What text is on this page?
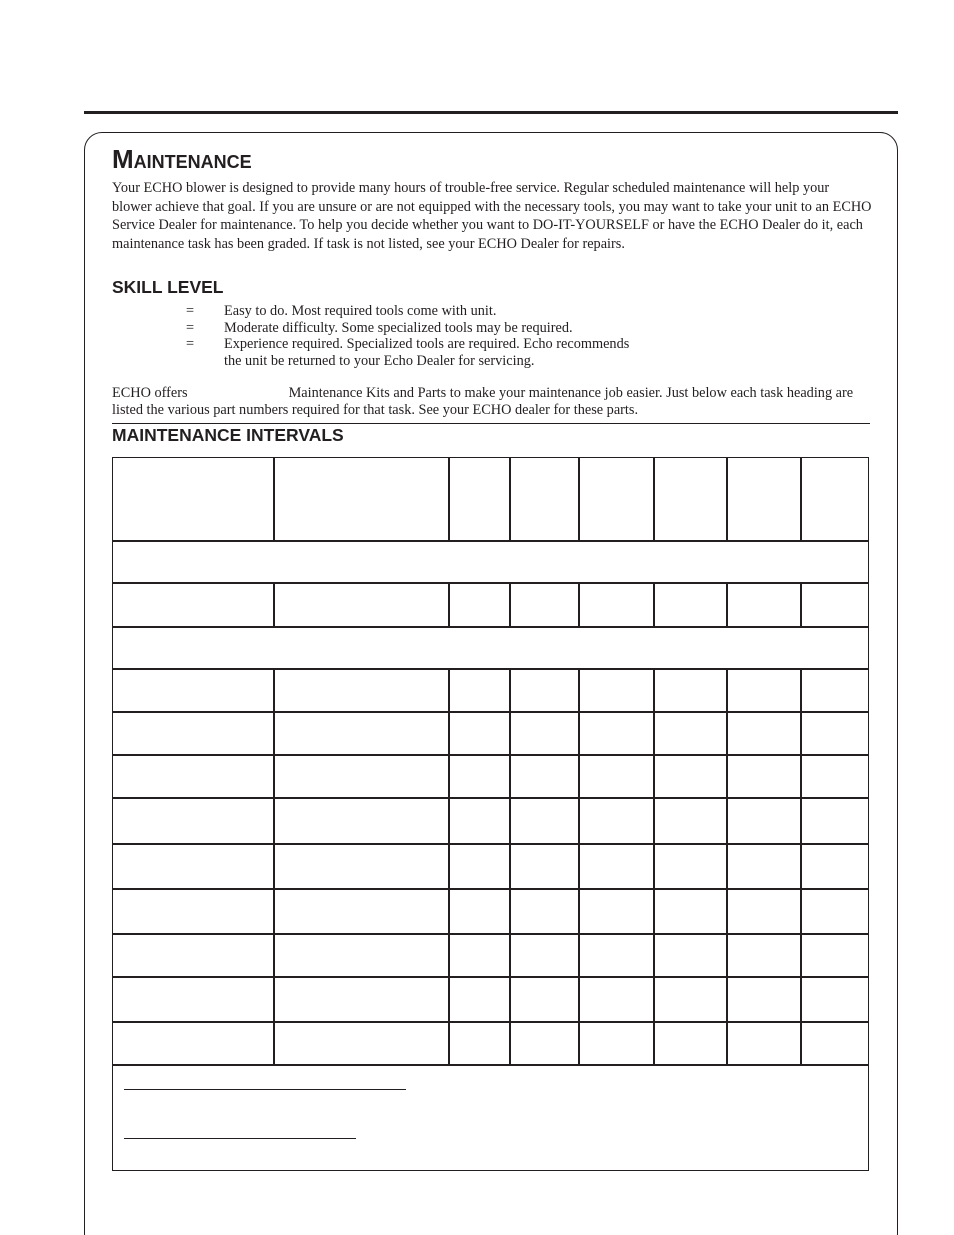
MAINTENANCE

Your ECHO blower is designed to provide many hours of trouble-free service. Regular scheduled maintenance will help your blower achieve that goal. If you are unsure or are not equipped with the necessary tools, you may want to take your unit to an ECHO Service Dealer for maintenance. To help you decide whether you want to DO-IT-YOURSELF or have the ECHO Dealer do it, each maintenance task has been graded. If task is not listed, see your ECHO Dealer for repairs.

SKILL LEVEL
=	Easy to do. Most required tools come with unit.
=	Moderate difficulty. Some specialized tools may be required.
=	Experience required. Specialized tools are required. Echo recommends
the unit be returned to your Echo Dealer for servicing.

ECHO offers	Maintenance Kits and Parts to make your maintenance job easier. Just below each task heading are listed the various part numbers required for that task. See your ECHO dealer for these parts.

MAINTENANCE INTERVALS
